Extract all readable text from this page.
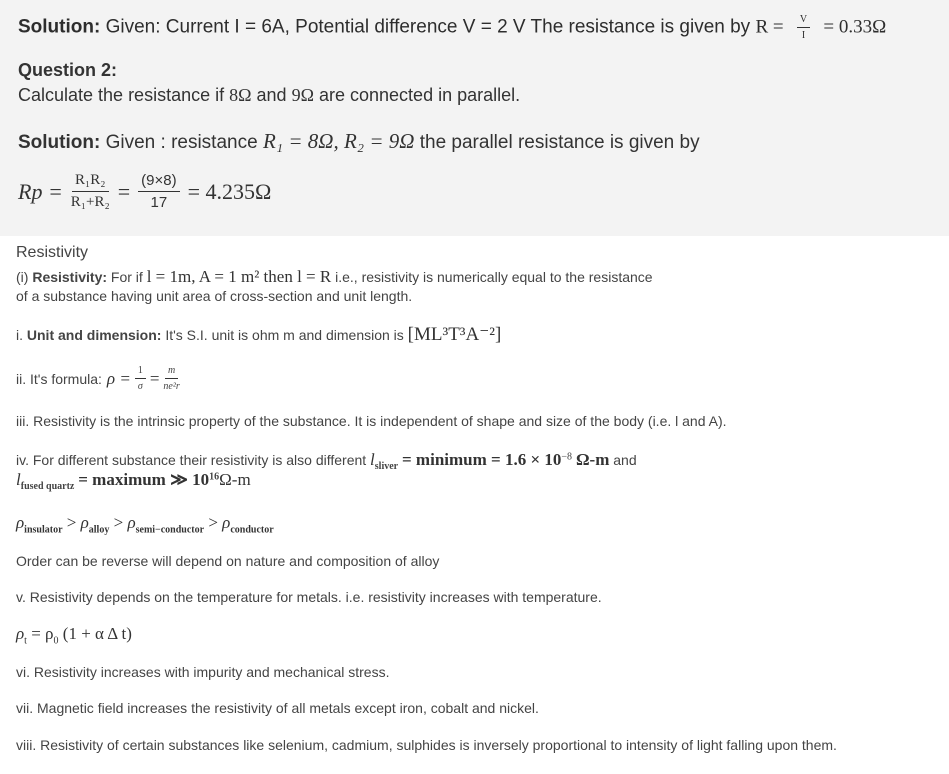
Solution: Given: Current I = 6A, Potential difference V = 2 V The resistance is given by $R = \frac{V}{I} = 0.33\Omega$
Question 2:
Calculate the resistance if 8Ω and 9Ω are connected in parallel.
Solution: Given : resistance R₁ = 8Ω, R₂ = 9Ω the parallel resistance is given by
$Rp = \frac{\text{R₁R₂}}{\text{R₁+R₂}} = \frac{(9\times 8)}{17} = 4.235\Omega$
Resistivity
(i) Resistivity: For if l = 1m, A = 1 m² then l = R i.e., resistivity is numerically equal to the resistance
of a substance having unit area of cross-section and unit length.
i. Unit and dimension: It's S.I. unit is ohm m and dimension is [ML³T³A⁻²]
ii. It's formula: $\rho = \frac{1}{\sigma} = \frac{m}{\text{ne²r}}$
iii. Resistivity is the intrinsic property of the substance. It is independent of shape and size of the body (i.e. l and A).
iv. For different substance their resistivity is also different $l_{sliver}$ = minimum = $1.6 \times 10^{-8}$ Ω-m and
$l_{fused quartz}$ = maximum ≫ $10^{16}\Omega-m$
$\rho_{insulator} > \rho_{alloy} > \rho_{semi-conductor} > \rho_{conductor}$
Order can be reverse will depend on nature and composition of alloy
v. Resistivity depends on the temperature for metals. i.e. resistivity increases with temperature.
$\rho_t = \rho_0$ (1 + α Δ t)
vi. Resistivity increases with impurity and mechanical stress.
vii. Magnetic field increases the resistivity of all metals except iron, cobalt and nickel.
viii. Resistivity of certain substances like selenium, cadmium, sulphides is inversely proportional to intensity of light falling upon them.
